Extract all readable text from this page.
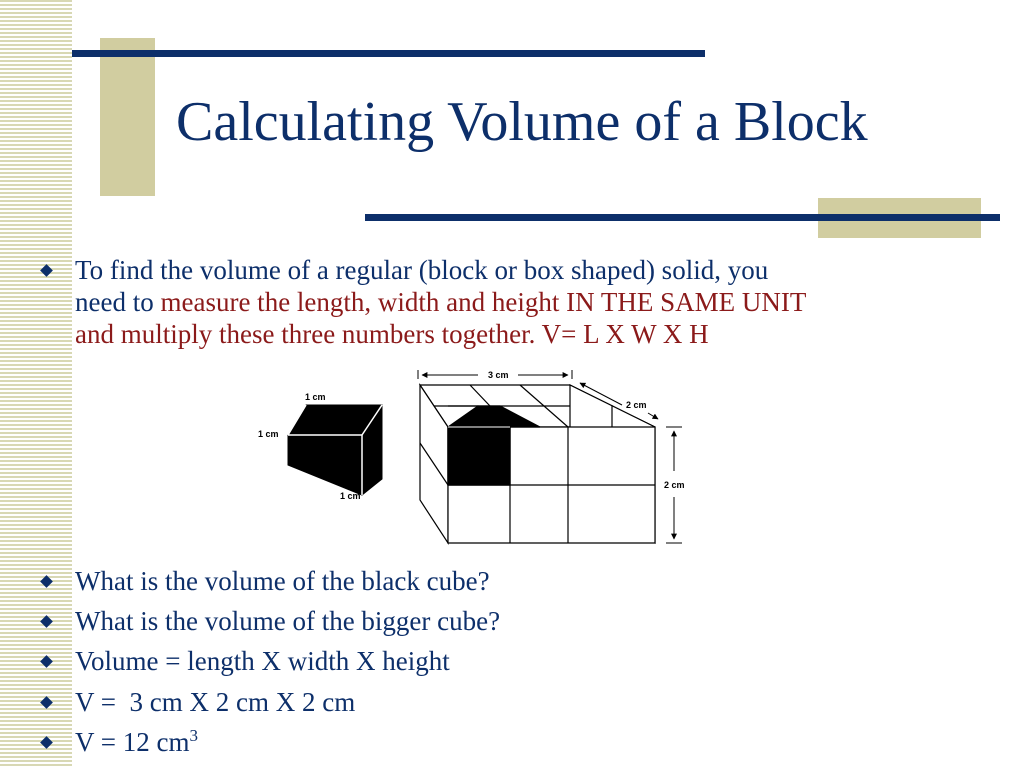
Calculating Volume of a Block
To find the volume of a regular (block or box shaped) solid, you
need to measure the length, width and height IN THE SAME UNIT
and multiply these three numbers together. V= L X W X H
What is the volume of the black cube?
What is the volume of the bigger cube?
Volume = length X width X height
V =  3 cm X 2 cm X 2 cm
V = 12 $cm^3$
1 cm
1 cm
1 cm
3 cm
2 cm
2 cm
